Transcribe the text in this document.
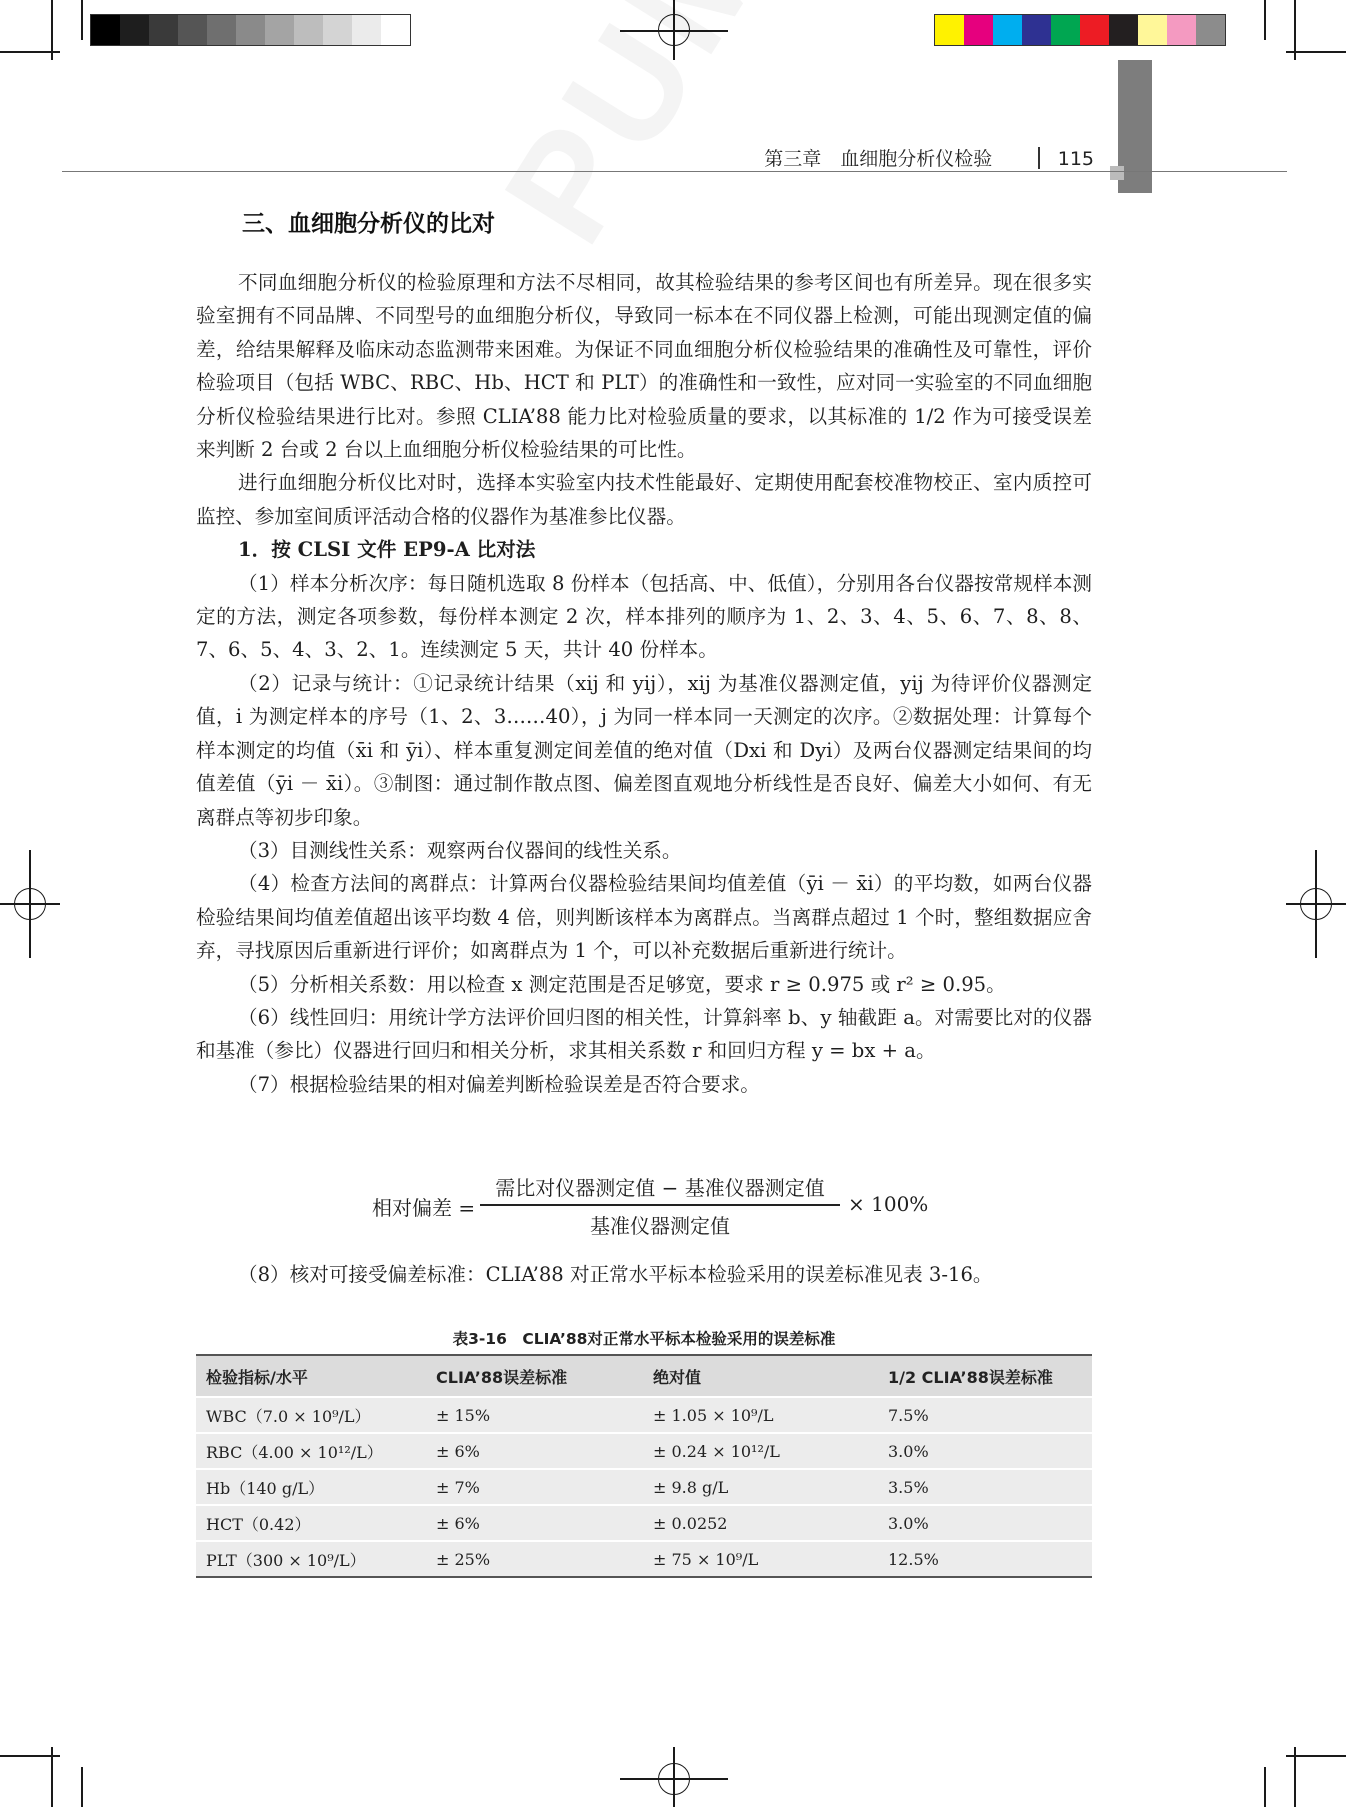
第三章　血细胞分析仪检验	115
三、血细胞分析仪的比对

不同血细胞分析仪的检验原理和方法不尽相同，故其检验结果的参考区间也有所差异。现在很多实验室拥有不同品牌、不同型号的血细胞分析仪，导致同一标本在不同仪器上检测，可能出现测定值的偏差，给结果解释及临床动态监测带来困难。为保证不同血细胞分析仪检验结果的准确性及可靠性，评价检验项目（包括 WBC、RBC、Hb、HCT 和 PLT）的准确性和一致性，应对同一实验室的不同血细胞分析仪检验结果进行比对。参照 CLIA’88 能力比对检验质量的要求，以其标准的 1/2 作为可接受误差来判断 2 台或 2 台以上血细胞分析仪检验结果的可比性。

进行血细胞分析仪比对时，选择本实验室内技术性能最好、定期使用配套校准物校正、室内质控可监控、参加室间质评活动合格的仪器作为基准参比仪器。

1．按 CLSI 文件 EP9-A 比对法

（1）样本分析次序：每日随机选取 8 份样本（包括高、中、低值），分别用各台仪器按常规样本测定的方法，测定各项参数，每份样本测定 2 次，样本排列的顺序为 1、2、3、4、5、6、7、8、8、7、6、5、4、3、2、1。连续测定 5 天，共计 40 份样本。

（2）记录与统计：①记录统计结果（xij 和 yij），xij 为基准仪器测定值，yij 为待评价仪器测定值，i 为测定样本的序号（1、2、3……40），j 为同一样本同一天测定的次序。②数据处理：计算每个样本测定的均值（x̄i 和 ȳi）、样本重复测定间差值的绝对值（Dxi 和 Dyi）及两台仪器测定结果间的均值差值（ȳi － x̄i）。③制图：通过制作散点图、偏差图直观地分析线性是否良好、偏差大小如何、有无离群点等初步印象。

（3）目测线性关系：观察两台仪器间的线性关系。

（4）检查方法间的离群点：计算两台仪器检验结果间均值差值（ȳi － x̄i）的平均数，如两台仪器检验结果间均值差值超出该平均数 4 倍，则判断该样本为离群点。当离群点超过 1 个时，整组数据应舍弃，寻找原因后重新进行评价；如离群点为 1 个，可以补充数据后重新进行统计。

（5）分析相关系数：用以检查 x 测定范围是否足够宽，要求 r ≥ 0.975 或 r² ≥ 0.95。

（6）线性回归：用统计学方法评价回归图的相关性，计算斜率 b、y 轴截距 a。对需要比对的仪器和基准（参比）仪器进行回归和相关分析，求其相关系数 r 和回归方程 y = bx + a。

（7）根据检验结果的相对偏差判断检验误差是否符合要求。

相对偏差 =
需比对仪器测定值 − 基准仪器测定值
基准仪器测定值
× 100%
（8）核对可接受偏差标准：CLIA’88 对正常水平标本检验采用的误差标准见表 3-16。
表3-16　CLIA’88对正常水平标本检验采用的误差标准
检验指标/水平	CLIA’88误差标准	绝对值	1/2 CLIA’88误差标准
WBC（7.0 × 10⁹/L）	± 15%	± 1.05 × 10⁹/L	7.5%
RBC（4.00 × 10¹²/L）	± 6%	± 0.24 × 10¹²/L	3.0%
Hb（140 g/L）	± 7%	± 9.8 g/L	3.5%
HCT（0.42）	± 6%	± 0.0252	3.0%
PLT（300 × 10⁹/L）	± 25%	± 75 × 10⁹/L	12.5%
